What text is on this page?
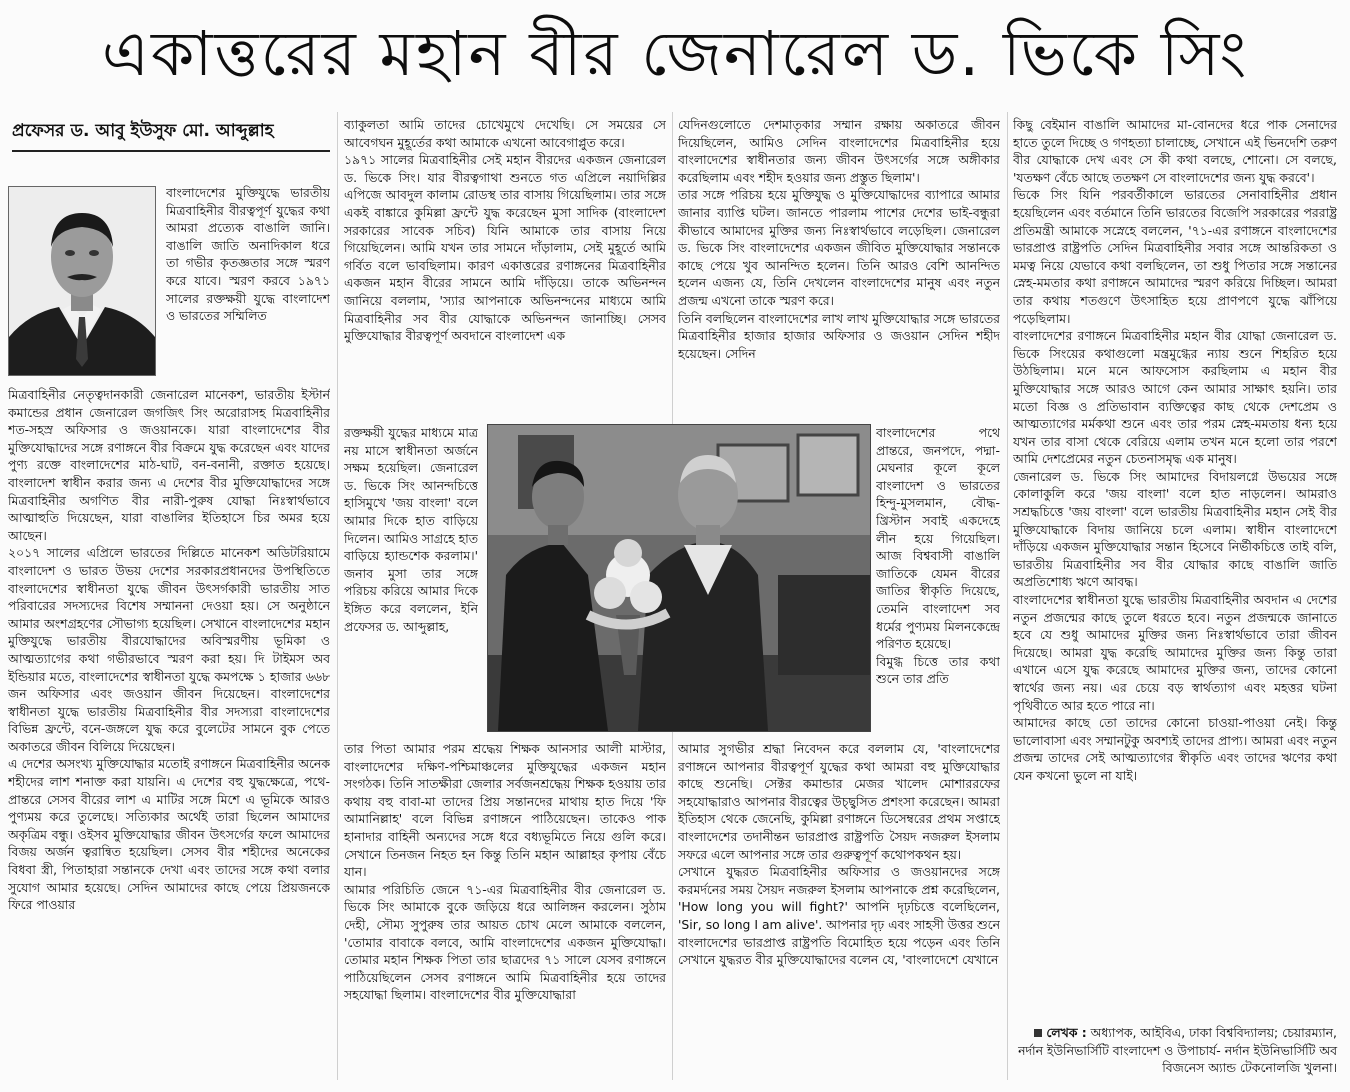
একাত্তরের মহান বীর জেনারেল ড. ভিকে সিং
প্রফেসর ড. আবু ইউসুফ মো. আব্দুল্লাহ

বাংলাদেশের মুক্তিযুদ্ধে ভারতীয় মিত্রবাহিনীর বীরত্বপূর্ণ যুদ্ধের কথা আমরা প্রত্যেক বাঙালি জানি। বাঙালি জাতি অনাদিকাল ধরে তা গভীর কৃতজ্ঞতার সঙ্গে স্মরণ করে যাবে। স্মরণ করবে ১৯৭১ সালের রক্তক্ষয়ী যুদ্ধে বাংলাদেশ ও ভারতের সম্মিলিত

মিত্রবাহিনীর নেতৃত্বদানকারী জেনারেল মানেকশ, ভারতীয় ইস্টার্ন কমান্ডের প্রধান জেনারেল জগজিৎ সিং অরোরাসহ মিত্রবাহিনীর শত-সহস্র অফিসার ও জওয়ানকে। যারা বাংলাদেশের বীর মুক্তিযোদ্ধাদের সঙ্গে রণাঙ্গনে বীর বিক্রমে যুদ্ধ করেছেন এবং যাদের পুণ্য রক্তে বাংলাদেশের মাঠ-ঘাট, বন-বনানী, রক্তাত হয়েছে। বাংলাদেশ স্বাধীন করার জন্য এ দেশের বীর মুক্তিযোদ্ধাদের সঙ্গে মিত্রবাহিনীর অগণিত বীর নারী-পুরুষ যোদ্ধা নিঃস্বার্থভাবে আত্মাহুতি দিয়েছেন, যারা বাঙালির ইতিহাসে চির অমর হয়ে আছেন।
২০১৭ সালের এপ্রিলে ভারতের দিল্লিতে মানেকশ অডিটরিয়ামে বাংলাদেশ ও ভারত উভয় দেশের সরকারপ্রধানদের উপস্থিতিতে বাংলাদেশের স্বাধীনতা যুদ্ধে জীবন উৎসর্গকারী ভারতীয় সাত পরিবারের সদস্যদের বিশেষ সম্মাননা দেওয়া হয়। সে অনুষ্ঠানে আমার অংশগ্রহণের সৌভাগ্য হয়েছিল। সেখানে বাংলাদেশের মহান মুক্তিযুদ্ধে ভারতীয় বীরযোদ্ধাদের অবিস্মরণীয় ভূমিকা ও আত্মত্যাগের কথা গভীরভাবে স্মরণ করা হয়। দি টাইমস অব ইন্ডিয়ার মতে, বাংলাদেশের স্বাধীনতা যুদ্ধে কমপক্ষে ১ হাজার ৬৬৮ জন অফিসার এবং জওয়ান জীবন দিয়েছেন। বাংলাদেশের স্বাধীনতা যুদ্ধে ভারতীয় মিত্রবাহিনীর বীর সদস্যরা বাংলাদেশের বিভিন্ন ফ্রন্টে, বনে-জঙ্গলে যুদ্ধ করে বুলেটের সামনে বুক পেতে অকাতরে জীবন বিলিয়ে দিয়েছেন।
এ দেশের অসংখ্য মুক্তিযোদ্ধার মতোই রণাঙ্গনে মিত্রবাহিনীর অনেক শহীদের লাশ শনাক্ত করা যায়নি। এ দেশের বহু যুদ্ধক্ষেত্রে, পথে-প্রান্তরে সেসব বীরের লাশ এ মাটির সঙ্গে মিশে এ ভূমিকে আরও পুণ্যময় করে তুলেছে। সত্যিকার অর্থেই তারা ছিলেন আমাদের অকৃত্রিম বন্ধু। ওইসব মুক্তিযোদ্ধার জীবন উৎসর্গের ফলে আমাদের বিজয় অর্জন ত্বরান্বিত হয়েছিল। সেসব বীর শহীদের অনেকের বিধবা স্ত্রী, পিতাহারা সন্তানকে দেখা এবং তাদের সঙ্গে কথা বলার সুযোগ আমার হয়েছে। সেদিন আমাদের কাছে পেয়ে প্রিয়জনকে ফিরে পাওয়ার

ব্যাকুলতা আমি তাদের চোখেমুখে দেখেছি। সে সময়ের সে আবেগঘন মুহূর্তের কথা আমাকে এখনো আবেগাপ্লুত করে।
১৯৭১ সালের মিত্রবাহিনীর সেই মহান বীরদের একজন জেনারেল ড. ভিকে সিং। যার বীরত্বগাথা শুনতে গত এপ্রিলে নয়াদিল্লির এপিজে আবদুল কালাম রোডস্থ তার বাসায় গিয়েছিলাম। তার সঙ্গে একই বাঙ্কারে কুমিল্লা ফ্রন্টে যুদ্ধ করেছেন মুসা সাদিক (বাংলাদেশ সরকারের সাবেক সচিব) যিনি আমাকে তার বাসায় নিয়ে গিয়েছিলেন। আমি যখন তার সামনে দাঁড়ালাম, সেই মুহূর্তে আমি গর্বিত বলে ভাবছিলাম। কারণ একাত্তরের রণাঙ্গনের মিত্রবাহিনীর একজন মহান বীরের সামনে আমি দাঁড়িয়ে। তাকে অভিনন্দন জানিয়ে বললাম, 'স্যার আপনাকে অভিনন্দনের মাধ্যমে আমি মিত্রবাহিনীর সব বীর যোদ্ধাকে অভিনন্দন জানাচ্ছি। সেসব মুক্তিযোদ্ধার বীরত্বপূর্ণ অবদানে বাংলাদেশ এক

রক্তক্ষয়ী যুদ্ধের মাধ্যমে মাত্র নয় মাসে স্বাধীনতা অর্জনে সক্ষম হয়েছিল। জেনারেল ড. ভিকে সিং আনন্দচিত্তে হাসিমুখে 'জয় বাংলা' বলে আমার দিকে হাত বাড়িয়ে দিলেন। আমিও সাগ্রহে হাত বাড়িয়ে হ্যান্ডশেক করলাম।' জনাব মুসা তার সঙ্গে পরিচয় করিয়ে আমার দিকে ইঙ্গিত করে বললেন, ইনি প্রফেসর ড. আব্দুল্লাহ,

তার পিতা আমার পরম শ্রদ্ধেয় শিক্ষক আনসার আলী মাস্টার, বাংলাদেশের দক্ষিণ-পশ্চিমাঞ্চলের মুক্তিযুদ্ধের একজন মহান সংগঠক। তিনি সাতক্ষীরা জেলার সর্বজনশ্রদ্ধেয় শিক্ষক হওয়ায় তার কথায় বহু বাবা-মা তাদের প্রিয় সন্তানদের মাথায় হাত দিয়ে 'ফি আমানিল্লাহ' বলে বিভিন্ন রণাঙ্গনে পাঠিয়েছেন। তাকেও পাক হানাদার বাহিনী অন্যদের সঙ্গে ধরে বধ্যভূমিতে নিয়ে গুলি করে। সেখানে তিনজন নিহত হন কিন্তু তিনি মহান আল্লাহর কৃপায় বেঁচে যান।
আমার পরিচিতি জেনে ৭১-এর মিত্রবাহিনীর বীর জেনারেল ড. ভিকে সিং আমাকে বুকে জড়িয়ে ধরে আলিঙ্গন করলেন। সুঠাম দেহী, সৌম্য সুপুরুষ তার আয়ত চোখ মেলে আমাকে বললেন, 'তোমার বাবাকে বলবে, আমি বাংলাদেশের একজন মুক্তিযোদ্ধা। তোমার মহান শিক্ষক পিতা তার ছাত্রদের ৭১ সালে যেসব রণাঙ্গনে পাঠিয়েছিলেন সেসব রণাঙ্গনে আমি মিত্রবাহিনীর হয়ে তাদের সহযোদ্ধা ছিলাম। বাংলাদেশের বীর মুক্তিযোদ্ধারা

যেদিনগুলোতে দেশমাতৃকার সম্মান রক্ষায় অকাতরে জীবন দিয়েছিলেন, আমিও সেদিন বাংলাদেশের মিত্রবাহিনীর হয়ে বাংলাদেশের স্বাধীনতার জন্য জীবন উৎসর্গের সঙ্গে অঙ্গীকার করেছিলাম এবং শহীদ হওয়ার জন্য প্রস্তুত ছিলাম'।
তার সঙ্গে পরিচয় হয়ে মুক্তিযুদ্ধ ও মুক্তিযোদ্ধাদের ব্যাপারে আমার জানার ব্যাপ্তি ঘটল। জানতে পারলাম পাশের দেশের ভাই-বন্ধুরা কীভাবে আমাদের মুক্তির জন্য নিঃস্বার্থভাবে লড়েছিল। জেনারেল ড. ভিকে সিং বাংলাদেশের একজন জীবিত মুক্তিযোদ্ধার সন্তানকে কাছে পেয়ে খুব আনন্দিত হলেন। তিনি আরও বেশি আনন্দিত হলেন এজন্য যে, তিনি দেখলেন বাংলাদেশের মানুষ এবং নতুন প্রজন্ম এখনো তাকে স্মরণ করে।
তিনি বলছিলেন বাংলাদেশের লাখ লাখ মুক্তিযোদ্ধার সঙ্গে ভারতের মিত্রবাহিনীর হাজার হাজার অফিসার ও জওয়ান সেদিন শহীদ হয়েছেন। সেদিন

বাংলাদেশের পথে প্রান্তরে, জনপদে, পদ্মা-মেঘনার কূলে কূলে বাংলাদেশ ও ভারতের হিন্দু-মুসলমান, বৌদ্ধ-খ্রিস্টান সবাই একদেহে লীন হয়ে গিয়েছিল। আজ বিশ্ববাসী বাঙালি জাতিকে যেমন বীরের জাতির স্বীকৃতি দিয়েছে, তেমনি বাংলাদেশ সব ধর্মের পুণ্যময় মিলনকেন্দ্রে পরিণত হয়েছে।
বিমুগ্ধ চিত্তে তার কথা শুনে তার প্রতি

আমার সুগভীর শ্রদ্ধা নিবেদন করে বললাম যে, 'বাংলাদেশের রণাঙ্গনে আপনার বীরত্বপূর্ণ যুদ্ধের কথা আমরা বহু মুক্তিযোদ্ধার কাছে শুনেছি। সেক্টর কমান্ডার মেজর খালেদ মোশাররফের সহযোদ্ধারাও আপনার বীরত্বের উচ্ছ্বসিত প্রশংসা করেছেন। আমরা ইতিহাস থেকে জেনেছি, কুমিল্লা রণাঙ্গনে ডিসেম্বরের প্রথম সপ্তাহে বাংলাদেশের তদানীন্তন ভারপ্রাপ্ত রাষ্ট্রপতি সৈয়দ নজরুল ইসলাম সফরে এলে আপনার সঙ্গে তার গুরুত্বপূর্ণ কথোপকথন হয়।
সেখানে যুদ্ধরত মিত্রবাহিনীর অফিসার ও জওয়ানদের সঙ্গে করমর্দনের সময় সৈয়দ নজরুল ইসলাম আপনাকে প্রশ্ন করেছিলেন, 'How long you will fight?' আপনি দৃঢ়চিত্তে বলেছিলেন, 'Sir, so long I am alive'. আপনার দৃঢ় এবং সাহসী উত্তর শুনে বাংলাদেশের ভারপ্রাপ্ত রাষ্ট্রপতি বিমোহিত হয়ে পড়েন এবং তিনি সেখানে যুদ্ধরত বীর মুক্তিযোদ্ধাদের বলেন যে, 'বাংলাদেশে যেখানে

কিছু বেইমান বাঙালি আমাদের মা-বোনদের ধরে পাক সেনাদের হাতে তুলে দিচ্ছে ও গণহত্যা চালাচ্ছে, সেখানে এই ভিনদেশি তরুণ বীর যোদ্ধাকে দেখ এবং সে কী কথা বলছে, শোনো। সে বলছে, 'যতক্ষণ বেঁচে আছে ততক্ষণ সে বাংলাদেশের জন্য যুদ্ধ করবে'।
ভিকে সিং যিনি পরবর্তীকালে ভারতের সেনাবাহিনীর প্রধান হয়েছিলেন এবং বর্তমানে তিনি ভারতের বিজেপি সরকারের পররাষ্ট্র প্রতিমন্ত্রী আমাকে সস্নেহে বললেন, '৭১-এর রণাঙ্গনে বাংলাদেশের ভারপ্রাপ্ত রাষ্ট্রপতি সেদিন মিত্রবাহিনীর সবার সঙ্গে আন্তরিকতা ও মমত্ব নিয়ে যেভাবে কথা বলছিলেন, তা শুধু পিতার সঙ্গে সন্তানের স্নেহ-মমতার কথা রণাঙ্গনে আমাদের স্মরণ করিয়ে দিচ্ছিল। আমরা তার কথায় শতগুণে উৎসাহিত হয়ে প্রাণপণে যুদ্ধে ঝাঁপিয়ে পড়েছিলাম।
বাংলাদেশের রণাঙ্গনে মিত্রবাহিনীর মহান বীর যোদ্ধা জেনারেল ড. ভিকে সিংয়ের কথাগুলো মন্ত্রমুগ্ধের ন্যায় শুনে শিহরিত হয়ে উঠছিলাম। মনে মনে আফসোস করছিলাম এ মহান বীর মুক্তিযোদ্ধার সঙ্গে আরও আগে কেন আমার সাক্ষাৎ হয়নি। তার মতো বিজ্ঞ ও প্রতিভাবান ব্যক্তিত্বের কাছ থেকে দেশপ্রেম ও আত্মত্যাগের মর্মকথা শুনে এবং তার পরম স্নেহ-মমতায় ধন্য হয়ে যখন তার বাসা থেকে বেরিয়ে এলাম তখন মনে হলো তার পরশে আমি দেশপ্রেমের নতুন চেতনাসমৃদ্ধ এক মানুষ।
জেনারেল ড. ভিকে সিং আমাদের বিদায়লগ্নে উভয়ের সঙ্গে কোলাকুলি করে 'জয় বাংলা' বলে হাত নাড়লেন। আমরাও সশ্রদ্ধচিত্তে 'জয় বাংলা' বলে ভারতীয় মিত্রবাহিনীর মহান সেই বীর মুক্তিযোদ্ধাকে বিদায় জানিয়ে চলে এলাম। স্বাধীন বাংলাদেশে দাঁড়িয়ে একজন মুক্তিযোদ্ধার সন্তান হিসেবে নির্ভীকচিত্তে তাই বলি, ভারতীয় মিত্রবাহিনীর সব বীর যোদ্ধার কাছে বাঙালি জাতি অপ্রতিশোধ্য ঋণে আবদ্ধ।
বাংলাদেশের স্বাধীনতা যুদ্ধে ভারতীয় মিত্রবাহিনীর অবদান এ দেশের নতুন প্রজন্মের কাছে তুলে ধরতে হবে। নতুন প্রজন্মকে জানাতে হবে যে শুধু আমাদের মুক্তির জন্য নিঃস্বার্থভাবে তারা জীবন দিয়েছে। আমরা যুদ্ধ করেছি আমাদের মুক্তির জন্য কিন্তু তারা এখানে এসে যুদ্ধ করেছে আমাদের মুক্তির জন্য, তাদের কোনো স্বার্থের জন্য নয়। এর চেয়ে বড় স্বার্থত্যাগ এবং মহত্তর ঘটনা পৃথিবীতে আর হতে পারে না।
আমাদের কাছে তো তাদের কোনো চাওয়া-পাওয়া নেই। কিন্তু ভালোবাসা এবং সম্মানটুকু অবশ্যই তাদের প্রাপ্য। আমরা এবং নতুন প্রজন্ম তাদের সেই আত্মত্যাগের স্বীকৃতি এবং তাদের ঋণের কথা যেন কখনো ভুলে না যাই।

লেখক : অধ্যাপক, আইবিএ, ঢাকা বিশ্ববিদ্যালয়; চেয়ারম্যান, নর্দান ইউনিভার্সিটি বাংলাদেশ ও উপাচার্য- নর্দান ইউনিভার্সিটি অব বিজনেস অ্যান্ড টেকনোলজি খুলনা।
